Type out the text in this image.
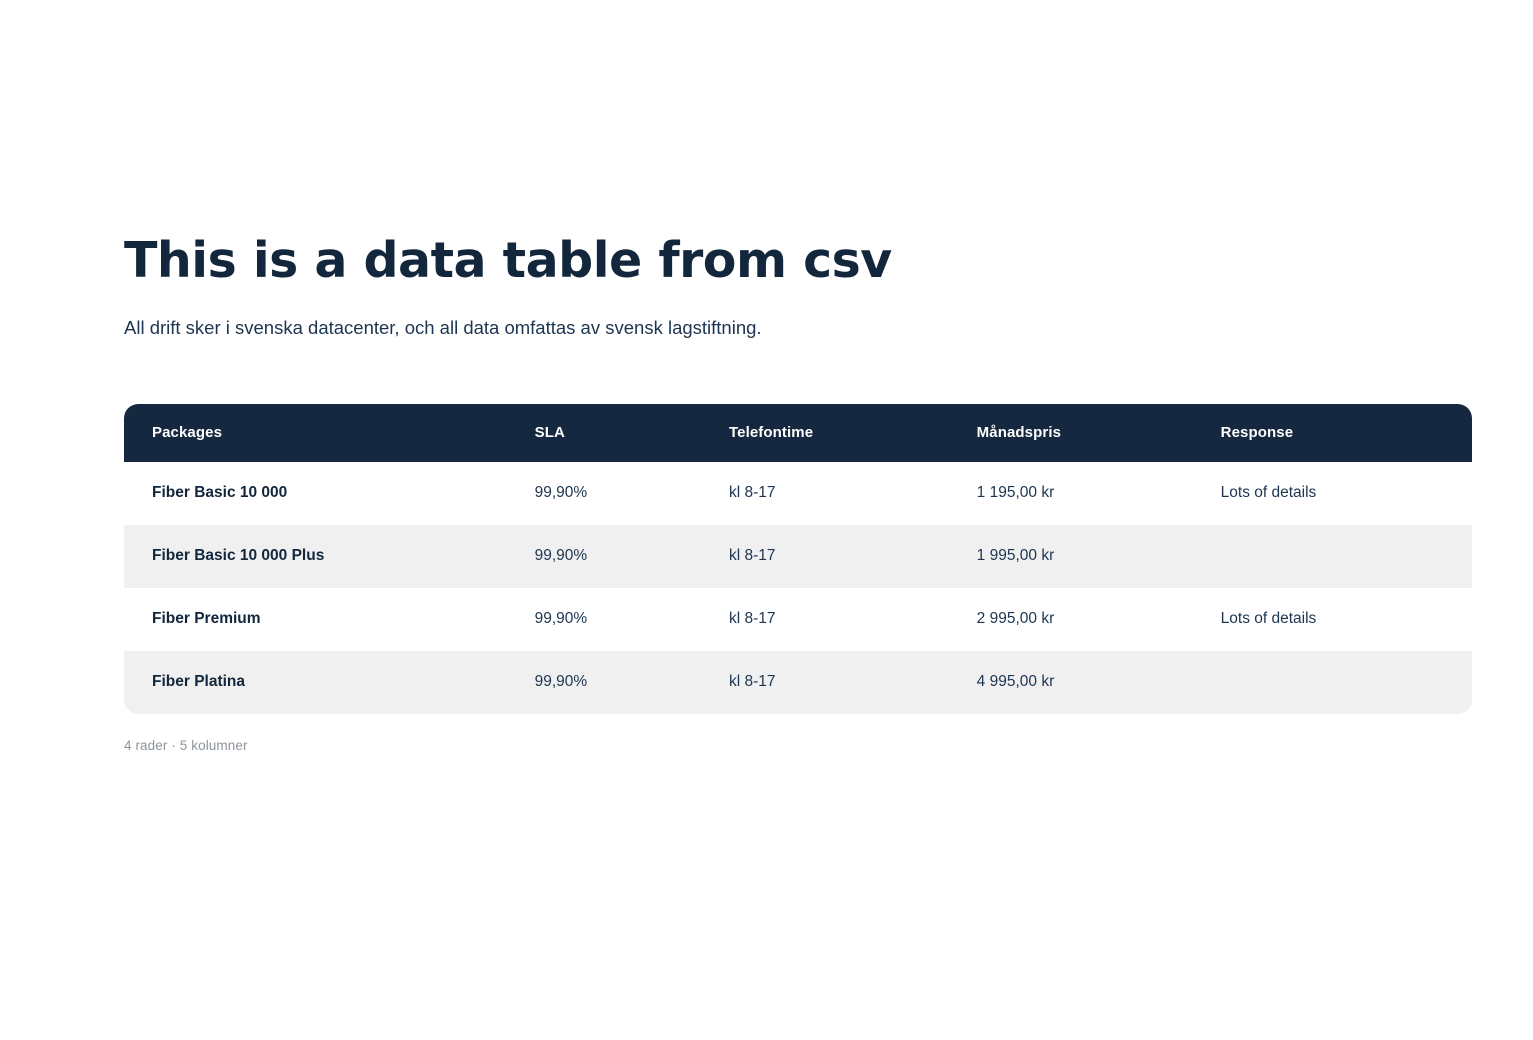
This is a data table from csv

All drift sker i svenska datacenter, och all data omfattas av svensk lagstiftning.

Packages	SLA	Telefontime	Månadspris	Response
Fiber Basic 10 000	99,90%	kl 8-17	1 195,00 kr	Lots of details
Fiber Basic 10 000 Plus	99,90%	kl 8-17	1 995,00 kr	
Fiber Premium	99,90%	kl 8-17	2 995,00 kr	Lots of details
Fiber Platina	99,90%	kl 8-17	4 995,00 kr	
4 rader · 5 kolumner
